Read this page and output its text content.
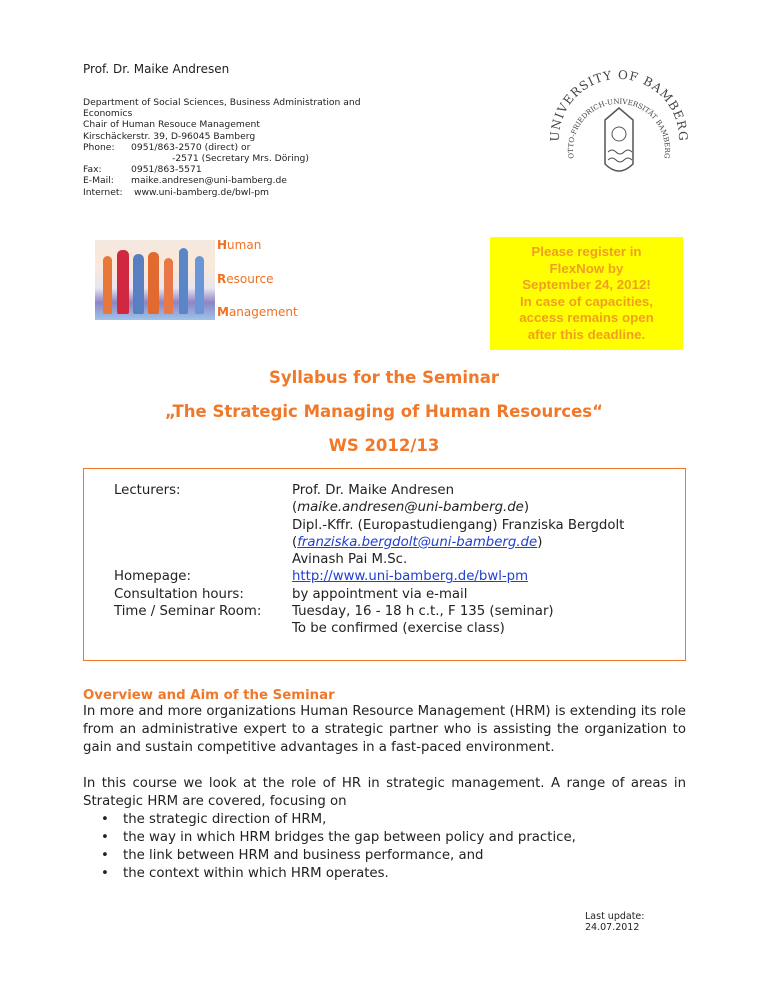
Prof. Dr. Maike Andresen
Department of Social Sciences, Business Administration and
Economics
Chair of Human Resouce Management
Kirschäckerstr. 39, D-96045 Bamberg
Phone:	0951/863-2570 (direct) or
-2571 (Secretary Mrs. Döring)
Fax:	0951/863-5571
E-Mail:	maike.andresen@uni-bamberg.de
Internet:	www.uni-bamberg.de/bwl-pm
UNIVERSITY OF BAMBERG
OTTO-FRIEDRICH-UNIVERSITÄT BAMBERG
Human
Resource
Management
Please register in
FlexNow by
September 24, 2012!
In case of capacities,
access remains open
after this deadline.
Syllabus for the Seminar
„The Strategic Managing of Human Resources“
WS 2012/13
Lecturers:	Prof. Dr. Maike Andresen
(maike.andresen@uni-bamberg.de)
Dipl.-Kffr. (Europastudiengang) Franziska Bergdolt
(franziska.bergdolt@uni-bamberg.de)
Avinash Pai M.Sc.
Homepage:	http://www.uni-bamberg.de/bwl-pm
Consultation hours:	by appointment via e-mail
Time / Seminar Room:	Tuesday, 16 - 18 h c.t., F 135 (seminar)
To be confirmed (exercise class)
Overview and Aim of the Seminar
In more and more organizations Human Resource Management (HRM) is extending its role from an administrative expert to a strategic partner who is assisting the organization to gain and sustain competitive advantages in a fast-paced environment.
In this course we look at the role of HR in strategic management. A range of areas in Strategic HRM are covered, focusing on
• the strategic direction of HRM,
• the way in which HRM bridges the gap between policy and practice,
• the link between HRM and business performance, and
• the context within which HRM operates.
Last update: 24.07.2012
